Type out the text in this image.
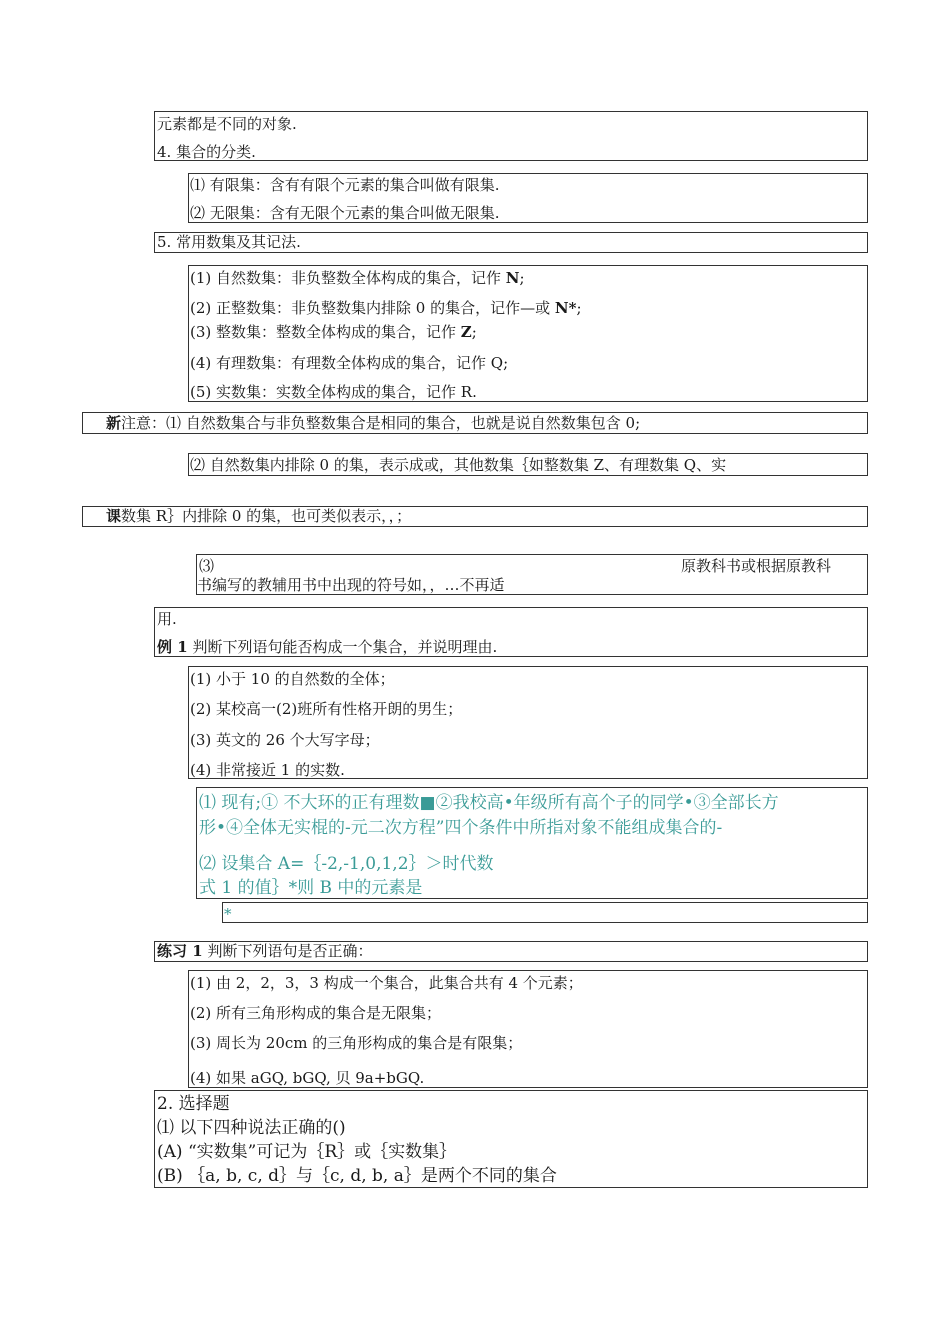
元素都是不同的对象.
4. 集合的分类.
⑴ 有限集：含有有限个元素的集合叫做有限集.
⑵ 无限集：含有无限个元素的集合叫做无限集.
5. 常用数集及其记法.
(1) 自然数集：非负整数全体构成的集合，记作 N;
(2) 正整数集：非负整数集内排除 0 的集合，记作—或 N*;
(3) 整数集：整数全体构成的集合，记作 Z;
(4) 有理数集：有理数全体构成的集合，记作 Q;
(5) 实数集：实数全体构成的集合，记作 R.
新注意：⑴ 自然数集合与非负整数集合是相同的集合，也就是说自然数集包含 0;
⑵ 自然数集内排除 0 的集，表示成或，其他数集｛如整数集 Z、有理数集 Q、实
课数集 R｝内排除 0 的集，也可类似表示，，；
⑶	原教科书或根据原教科
书编写的教辅用书中出现的符号如，，…不再适
用.
例 1 判断下列语句能否构成一个集合，并说明理由.
(1) 小于 10 的自然数的全体；
(2) 某校高一(2)班所有性格开朗的男生；
(3) 英文的 26 个大写字母；
(4) 非常接近 1 的实数.
⑴ 现有;① 不大环的正有理数■②我校高•年级所有高个子的同学•③全部长方
形•④全体无实棍的-元二次方程”四个条件中所指对象不能组成集合的-
⑵ 设集合 A=｛-2,-1,0,1,2｝＞时代数
式 1 的值｝*则 B 中的元素是
*
练习 1 判断下列语句是否正确：
(1) 由 2，2，3，3 构成一个集合，此集合共有 4 个元素；
(2) 所有三角形构成的集合是无限集；
(3) 周长为 20cm 的三角形构成的集合是有限集；
(4) 如果 aGQ, bGQ, 贝 9a+bGQ.
2. 选择题
⑴ 以下四种说法正确的()
(A) “实数集”可记为｛R｝或｛实数集｝
(B) ｛a, b, c, d｝与｛c, d, b, a｝是两个不同的集合
